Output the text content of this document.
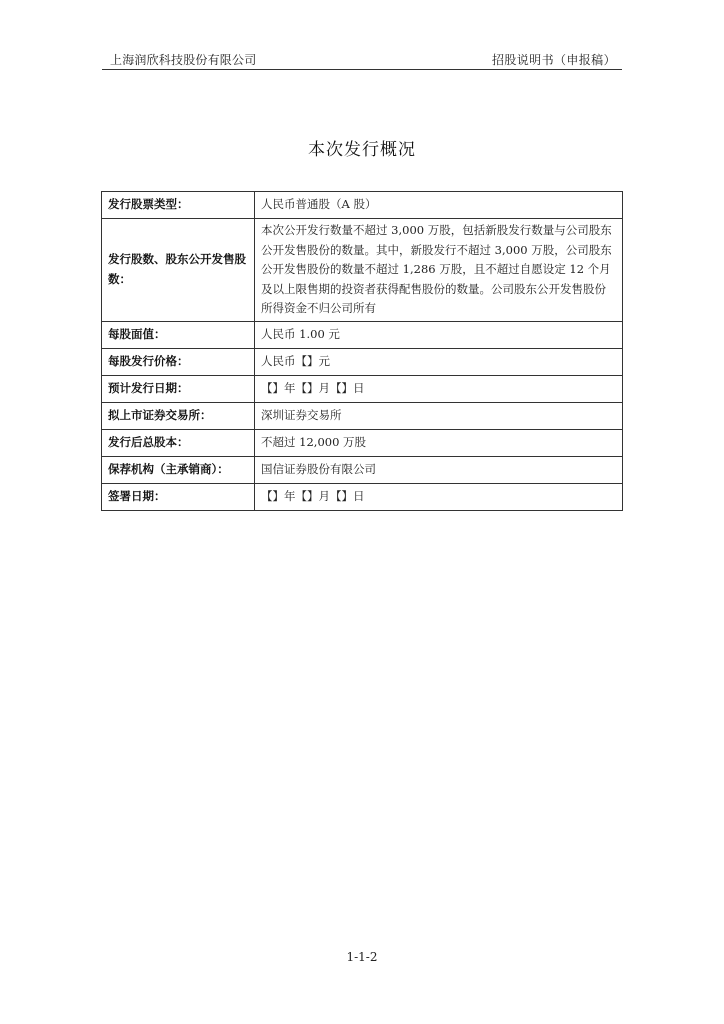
上海润欣科技股份有限公司	招股说明书（申报稿）
本次发行概况
发行股票类型：	人民币普通股（A 股）
发行股数、股东公开发售股数：	本次公开发行数量不超过 3,000 万股，包括新股发行数量与公司股东公开发售股份的数量。其中，新股发行不超过 3,000 万股，公司股东公开发售股份的数量不超过 1,286 万股，且不超过自愿设定 12 个月及以上限售期的投资者获得配售股份的数量。公司股东公开发售股份所得资金不归公司所有
每股面值：	人民币 1.00 元
每股发行价格：	人民币【】元
预计发行日期：	【】年【】月【】日
拟上市证券交易所：	深圳证券交易所
发行后总股本：	不超过 12,000 万股
保荐机构（主承销商）：	国信证券股份有限公司
签署日期：	【】年【】月【】日
1-1-2
